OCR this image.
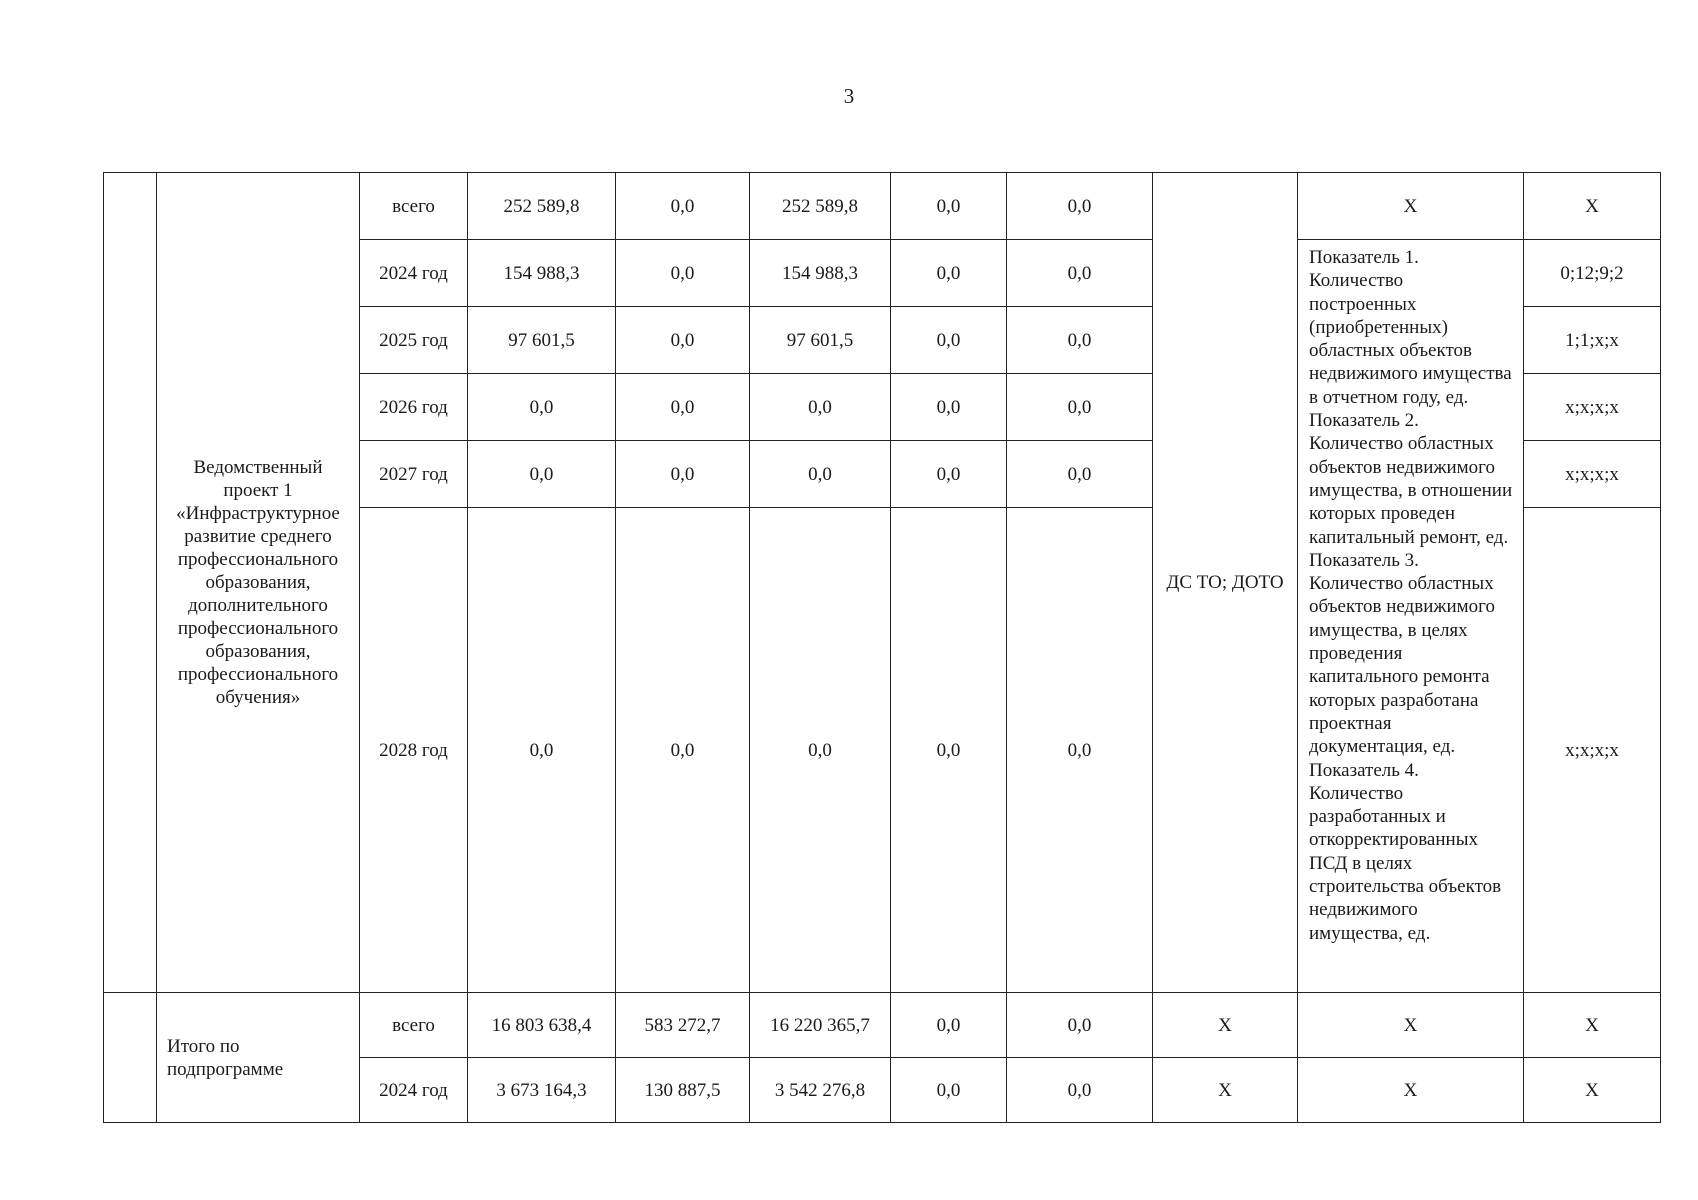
3
	Ведомственный проект 1 «Инфраструктурное развитие среднего профессионального образования, дополнительного профессионального образования, профессионального обучения»	всего	252 589,8	0,0	252 589,8	0,0	0,0	ДС ТО; ДОТО	Х	Х
		2024 год	154 988,3	0,0	154 988,3	0,0	0,0		Показатель 1. Количество построенных (приобретенных) областных объектов недвижимого имущества в отчетном году, ед.
Показатель 2. Количество областных объектов недвижимого имущества, в отношении которых проведен капитальный ремонт, ед.
Показатель 3. Количество областных объектов недвижимого имущества, в целях проведения капитального ремонта которых разработана проектная документация, ед.
Показатель 4. Количество разработанных и откорректированных ПСД в целях строительства объектов недвижимого имущества, ед.	0;12;9;2
		2025 год	97 601,5	0,0	97 601,5	0,0	0,0			1;1;х;х
		2026 год	0,0	0,0	0,0	0,0	0,0			х;х;х;х
		2027 год	0,0	0,0	0,0	0,0	0,0			х;х;х;х
		2028 год	0,0	0,0	0,0	0,0	0,0			х;х;х;х
	Итого по подпрограмме	всего	16 803 638,4	583 272,7	16 220 365,7	0,0	0,0	Х	Х	Х
		2024 год	3 673 164,3	130 887,5	3 542 276,8	0,0	0,0	Х	Х	Х
